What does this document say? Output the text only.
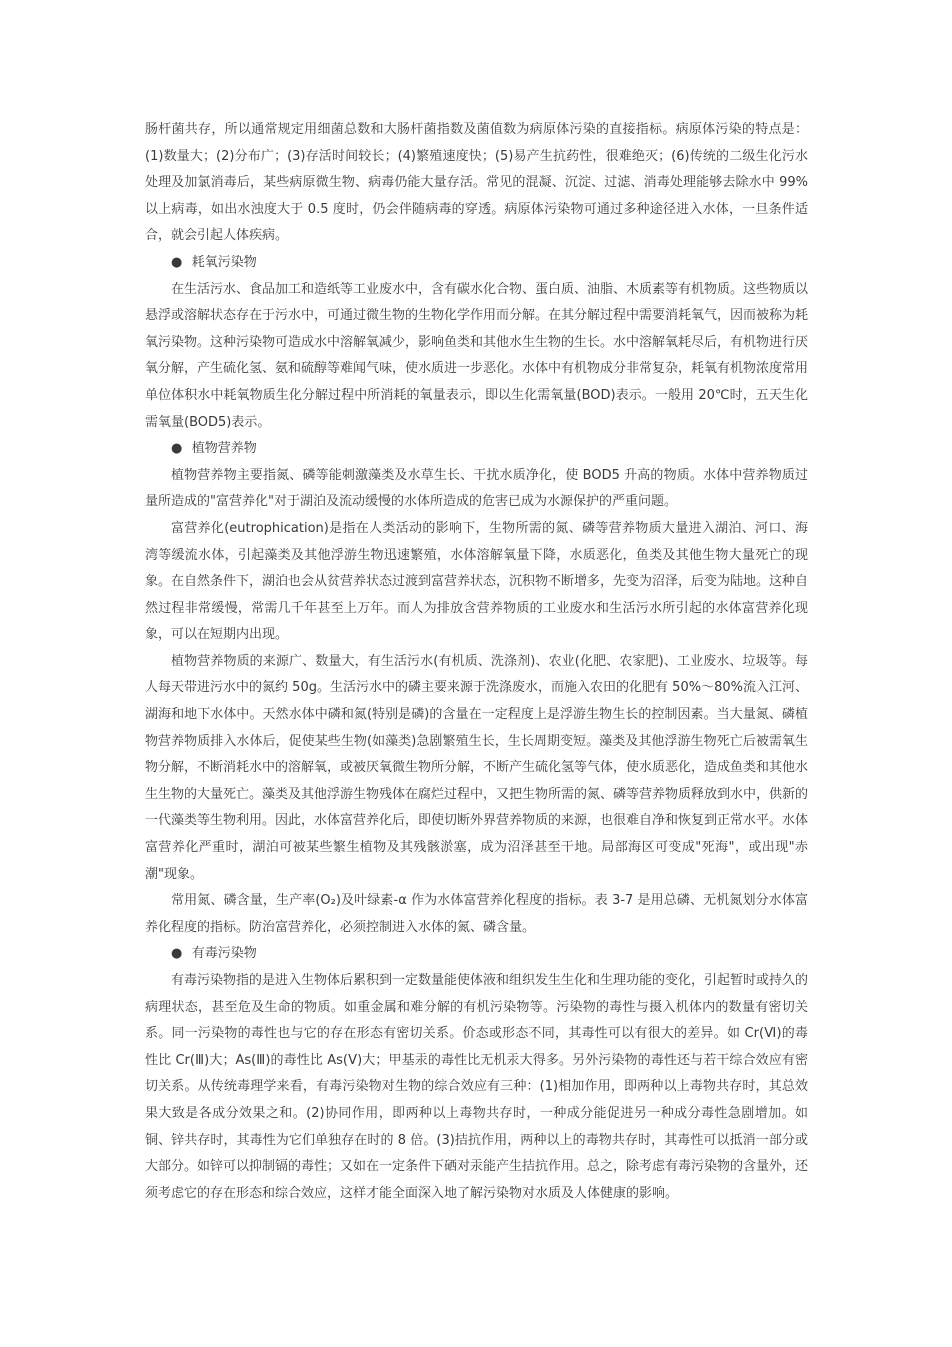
肠杆菌共存，所以通常规定用细菌总数和大肠杆菌指数及菌值数为病原体污染的直接指标。病原体污染的特点是：(1)数量大；(2)分布广；(3)存活时间较长；(4)繁殖速度快；(5)易产生抗药性，很难绝灭；(6)传统的二级生化污水处理及加氯消毒后，某些病原微生物、病毒仍能大量存活。常见的混凝、沉淀、过滤、消毒处理能够去除水中 99%以上病毒，如出水浊度大于 0.5 度时，仍会伴随病毒的穿透。病原体污染物可通过多种途径进入水体，一旦条件适合，就会引起人体疾病。

● 耗氧污染物

在生活污水、食品加工和造纸等工业废水中，含有碳水化合物、蛋白质、油脂、木质素等有机物质。这些物质以悬浮或溶解状态存在于污水中，可通过微生物的生物化学作用而分解。在其分解过程中需要消耗氧气，因而被称为耗氧污染物。这种污染物可造成水中溶解氧减少，影响鱼类和其他水生生物的生长。水中溶解氧耗尽后，有机物进行厌氧分解，产生硫化氢、氨和硫醇等难闻气味，使水质进一步恶化。水体中有机物成分非常复杂，耗氧有机物浓度常用单位体积水中耗氧物质生化分解过程中所消耗的氧量表示，即以生化需氧量(BOD)表示。一般用 20℃时，五天生化需氧量(BOD5)表示。

● 植物营养物

植物营养物主要指氮、磷等能刺激藻类及水草生长、干扰水质净化，使 BOD5 升高的物质。水体中营养物质过量所造成的"富营养化"对于湖泊及流动缓慢的水体所造成的危害已成为水源保护的严重问题。

富营养化(eutrophication)是指在人类活动的影响下，生物所需的氮、磷等营养物质大量进入湖泊、河口、海湾等缓流水体，引起藻类及其他浮游生物迅速繁殖，水体溶解氧量下降，水质恶化，鱼类及其他生物大量死亡的现象。在自然条件下，湖泊也会从贫营养状态过渡到富营养状态，沉积物不断增多，先变为沼泽，后变为陆地。这种自然过程非常缓慢，常需几千年甚至上万年。而人为排放含营养物质的工业废水和生活污水所引起的水体富营养化现象，可以在短期内出现。

植物营养物质的来源广、数量大，有生活污水(有机质、洗涤剂)、农业(化肥、农家肥)、工业废水、垃圾等。每人每天带进污水中的氮约 50g。生活污水中的磷主要来源于洗涤废水，而施入农田的化肥有 50%～80%流入江河、湖海和地下水体中。天然水体中磷和氮(特别是磷)的含量在一定程度上是浮游生物生长的控制因素。当大量氮、磷植物营养物质排入水体后，促使某些生物(如藻类)急剧繁殖生长，生长周期变短。藻类及其他浮游生物死亡后被需氧生物分解，不断消耗水中的溶解氧，或被厌氧微生物所分解，不断产生硫化氢等气体，使水质恶化，造成鱼类和其他水生生物的大量死亡。藻类及其他浮游生物残体在腐烂过程中，又把生物所需的氮、磷等营养物质释放到水中，供新的一代藻类等生物利用。因此，水体富营养化后，即使切断外界营养物质的来源，也很难自净和恢复到正常水平。水体富营养化严重时，湖泊可被某些繁生植物及其残骸淤塞，成为沼泽甚至干地。局部海区可变成"死海"，或出现"赤潮"现象。

常用氮、磷含量，生产率(O₂)及叶绿素-α 作为水体富营养化程度的指标。表 3-7 是用总磷、无机氮划分水体富养化程度的指标。防治富营养化，必须控制进入水体的氮、磷含量。

● 有毒污染物

有毒污染物指的是进入生物体后累积到一定数量能使体液和组织发生生化和生理功能的变化，引起暂时或持久的病理状态，甚至危及生命的物质。如重金属和难分解的有机污染物等。污染物的毒性与摄入机体内的数量有密切关系。同一污染物的毒性也与它的存在形态有密切关系。价态或形态不同，其毒性可以有很大的差异。如 Cr(Ⅵ)的毒性比 Cr(Ⅲ)大；As(Ⅲ)的毒性比 As(Ⅴ)大；甲基汞的毒性比无机汞大得多。另外污染物的毒性还与若干综合效应有密切关系。从传统毒理学来看，有毒污染物对生物的综合效应有三种：(1)相加作用，即两种以上毒物共存时，其总效果大致是各成分效果之和。(2)协同作用，即两种以上毒物共存时，一种成分能促进另一种成分毒性急剧增加。如铜、锌共存时，其毒性为它们单独存在时的 8 倍。(3)拮抗作用，两种以上的毒物共存时，其毒性可以抵消一部分或大部分。如锌可以抑制镉的毒性；又如在一定条件下硒对汞能产生拮抗作用。总之，除考虑有毒污染物的含量外，还须考虑它的存在形态和综合效应，这样才能全面深入地了解污染物对水质及人体健康的影响。
